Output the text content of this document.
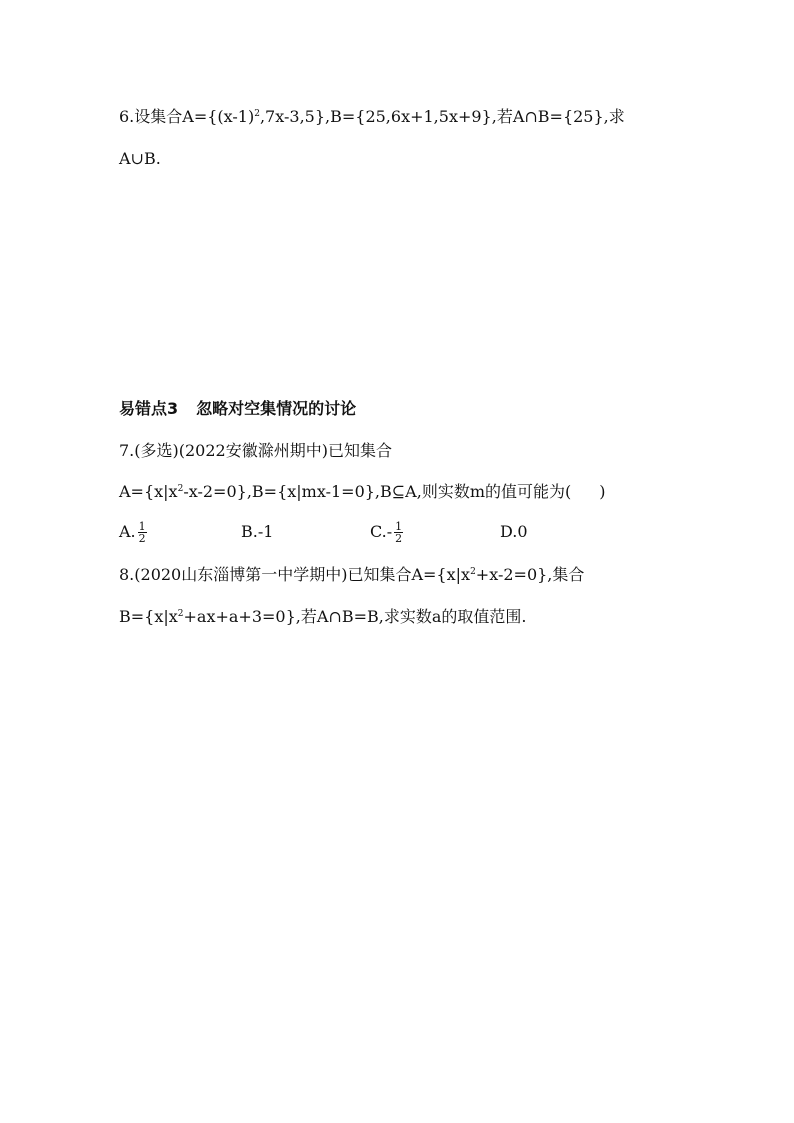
6.设集合$A=\{(x-1)^2,7x-3,5\},B=\{25,6x+1,5x+9\}$,若A∩B={25},求
A∪B.
易错点3 忽略对空集情况的讨论
7.(多选)(2022安徽滁州期中)已知集合
$A=\{x|x^2-x-2=0\},B=\{x|mx-1=0\},B⊆A$,则实数m的值可能为( )
A. $\frac{1}{2}$	B.-1	$C.- \frac{1}{2}$	D.0
8.(2020山东淄博第一中学期中)已知集合$A=\{x|x^2+x-2=0\}$,集合
$B=\{x|x^2+ax+a+3=0\}$,若A∩B=B,求实数a的取值范围.
